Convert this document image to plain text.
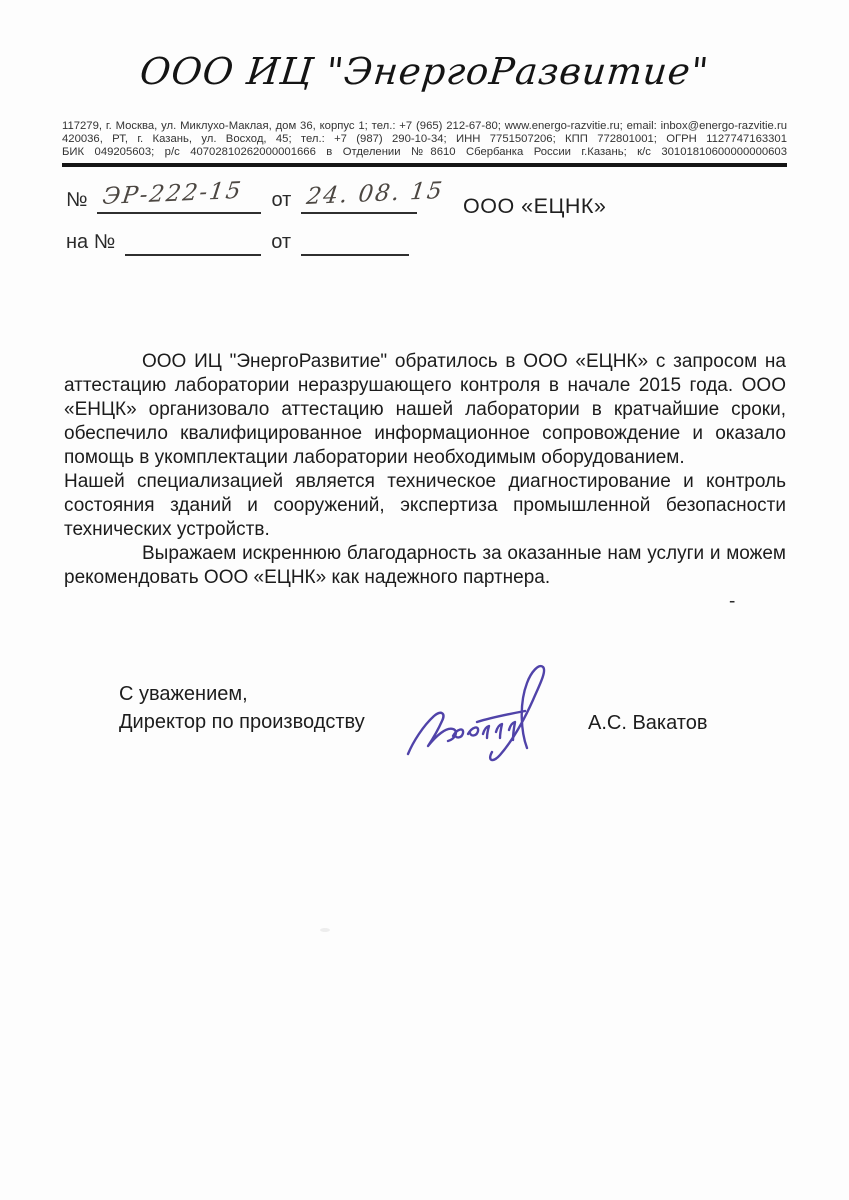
ООО ИЦ "ЭнергоРазвитие"
117279, г. Москва, ул. Миклухо-Маклая, дом 36, корпус 1; тел.: +7 (965) 212-67-80; www.energo-razvitie.ru; email: inbox@energo-razvitie.ru
420036, РТ, г. Казань, ул. Восход, 45; тел.: +7 (987) 290-10-34; ИНН 7751507206; КПП 772801001; ОГРН 1127747163301
БИК 049205603; р/с 40702810262000001666 в Отделении №8610 Сбербанка России г.Казань; к/с 30101810600000000603
№ ЭР-222-15 от 24. 08. 15 ООО «ЕЦНК»
на №	от

ООО ИЦ "ЭнергоРазвитие" обратилось в ООО «ЕЦНК» с запросом на аттестацию лаборатории неразрушающего контроля в начале 2015 года. ООО «ЕНЦК» организовало аттестацию нашей лаборатории в кратчайшие сроки, обеспечило квалифицированное информационное сопровождение и оказало помощь в укомплектации лаборатории необходимым оборудованием.

Нашей специализацией является техническое диагностирование и контроль состояния зданий и сооружений, экспертиза промышленной безопасности технических устройств.

Выражаем искреннюю благодарность за оказанные нам услуги и можем рекомендовать ООО «ЕЦНК» как надежного партнера.

-
С уважением,
Директор по производству	А.С. Вакатов
